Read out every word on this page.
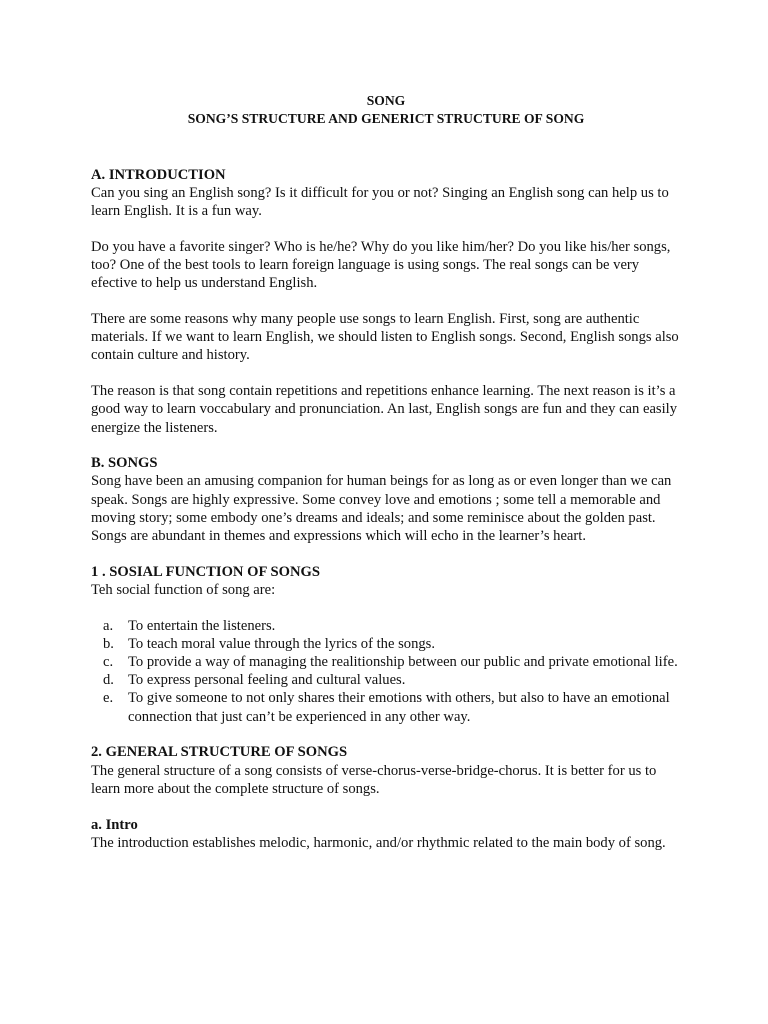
SONG

SONG’S STRUCTURE AND GENERICT STRUCTURE OF SONG

A. INTRODUCTION

Can you sing an English song? Is it difficult for you or not? Singing an English song can help us to learn English. It is a fun way.

Do you have a favorite singer? Who is he/he? Why do you like him/her? Do you like his/her songs, too? One of the best tools to learn foreign language is using songs. The real songs can be very efective to help us understand English.

There are some reasons why many people use songs to learn English. First, song are authentic materials. If we want to learn English, we should listen to English songs. Second, English songs also contain culture and history.

The reason is that song contain repetitions and repetitions enhance learning. The next reason is it’s a good way to learn voccabulary and pronunciation. An last, English songs are fun and they can easily energize the listeners.

B. SONGS

Song have been an amusing companion for human beings for as long as or even longer than we can speak. Songs are highly expressive. Some convey love and emotions ; some tell a memorable and moving story; some embody one’s dreams and ideals; and some reminisce about the golden past. Songs are abundant in themes and expressions which will echo in the learner’s heart.

1 . SOSIAL FUNCTION OF SONGS

Teh social function of song are:

a. To entertain the listeners.
b. To teach moral value through the lyrics of the songs.
c. To provide a way of managing the realitionship between our public and private emotional life.
d. To express personal feeling and cultural values.
e. To give someone to not only shares their emotions with others, but also to have an emotional connection that just can’t be experienced in any other way.

2. GENERAL STRUCTURE OF SONGS

The general structure of a song consists of verse-chorus-verse-bridge-chorus. It is better for us to learn more about the complete structure of songs.

a. Intro

The introduction establishes melodic, harmonic, and/or rhythmic related to the main body of song.
